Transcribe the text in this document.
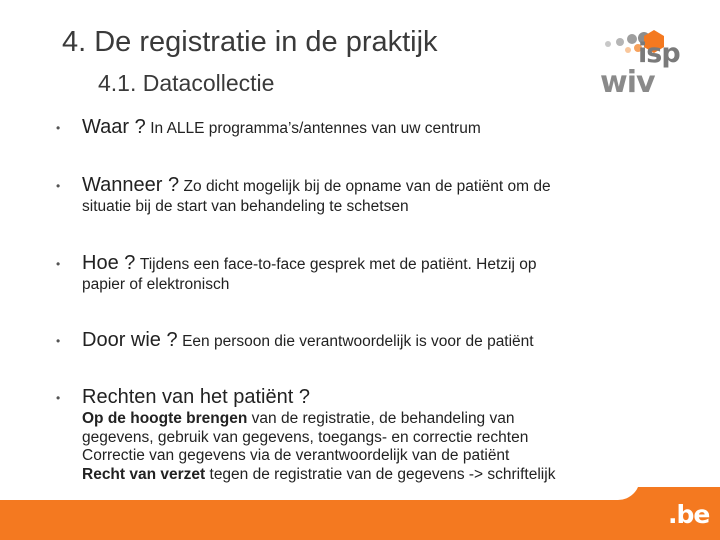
4. De registratie in de praktijk
4.1. Datacollectie
isp
wiv
• Waar ? In ALLE programma’s/antennes van uw centrum
• Wanneer ? Zo dicht mogelijk bij de opname van de patiënt om de
situatie bij de start van behandeling te schetsen
• Hoe ? Tijdens een face-to-face gesprek met de patiënt. Hetzij op
papier of elektronisch
• Door wie ? Een persoon die verantwoordelijk is voor de patiënt
• Rechten van het patiënt ?
Op de hoogte brengen van de registratie, de behandeling van
gegevens, gebruik van gegevens, toegangs- en correctie rechten
Correctie van gegevens via de verantwoordelijk van de patiënt
Recht van verzet tegen de registratie van de gegevens -> schriftelijk
.be
